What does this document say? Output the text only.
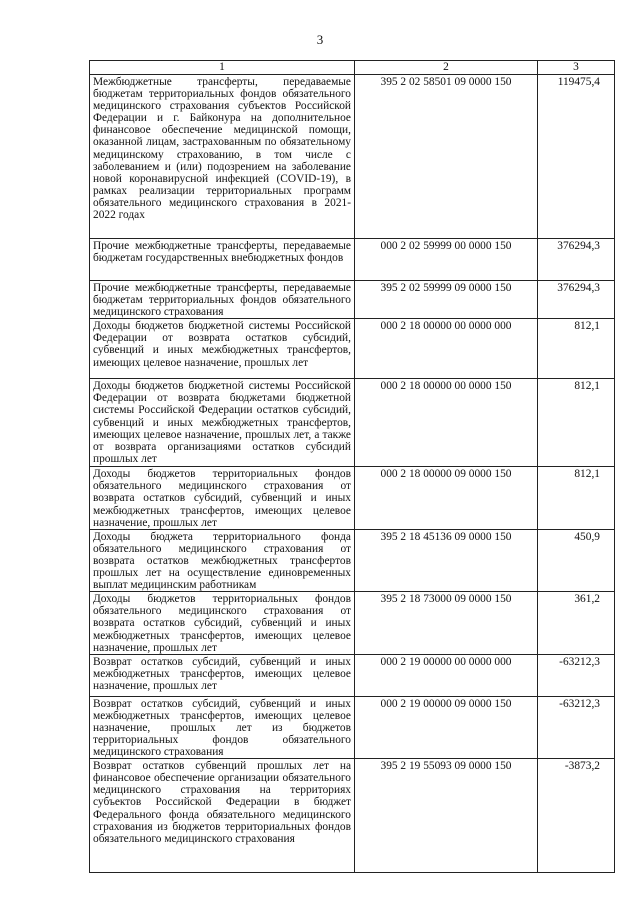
3
1	2	3
Межбюджетные трансферты, передаваемые бюджетам территориальных фондов обязательного медицинского страхования субъектов Российской Федерации и г. Байконура на дополнительное финансовое обеспечение медицинской помощи, оказанной лицам, застрахованным по обязательному медицинскому страхованию, в том числе с заболеванием и (или) подозрением на заболевание новой коронавирусной инфекцией (COVID-19), в рамках реализации территориальных программ обязательного медицинского страхования в 2021-2022 годах	395 2 02 58501 09 0000 150	119475,4
Прочие межбюджетные трансферты, передаваемые бюджетам государственных внебюджетных фондов	000 2 02 59999 00 0000 150	376294,3
Прочие межбюджетные трансферты, передаваемые бюджетам территориальных фондов обязательного медицинского страхования	395 2 02 59999 09 0000 150	376294,3
Доходы бюджетов бюджетной системы Российской Федерации от возврата остатков субсидий, субвенций и иных межбюджетных трансфертов, имеющих целевое назначение, прошлых лет	000 2 18 00000 00 0000 000	812,1
Доходы бюджетов бюджетной системы Российской Федерации от возврата бюджетами бюджетной системы Российской Федерации остатков субсидий, субвенций и иных межбюджетных трансфертов, имеющих целевое назначение, прошлых лет, а также от возврата организациями остатков субсидий прошлых лет	000 2 18 00000 00 0000 150	812,1
Доходы бюджетов территориальных фондов обязательного медицинского страхования от возврата остатков субсидий, субвенций и иных межбюджетных трансфертов, имеющих целевое назначение, прошлых лет	000 2 18 00000 09 0000 150	812,1
Доходы бюджета территориального фонда обязательного медицинского страхования от возврата остатков межбюджетных трансфертов прошлых лет на осуществление единовременных выплат медицинским работникам	395 2 18 45136 09 0000 150	450,9
Доходы бюджетов территориальных фондов обязательного медицинского страхования от возврата остатков субсидий, субвенций и иных межбюджетных трансфертов, имеющих целевое назначение, прошлых лет	395 2 18 73000 09 0000 150	361,2
Возврат остатков субсидий, субвенций и иных межбюджетных трансфертов, имеющих целевое назначение, прошлых лет	000 2 19 00000 00 0000 000	-63212,3
Возврат остатков субсидий, субвенций и иных межбюджетных трансфертов, имеющих целевое назначение, прошлых лет из бюджетов территориальных фондов обязательного медицинского страхования	000 2 19 00000 09 0000 150	-63212,3
Возврат остатков субвенций прошлых лет на финансовое обеспечение организации обязательного медицинского страхования на территориях субъектов Российской Федерации в бюджет Федерального фонда обязательного медицинского страхования из бюджетов территориальных фондов обязательного медицинского страхования	395 2 19 55093 09 0000 150	-3873,2
